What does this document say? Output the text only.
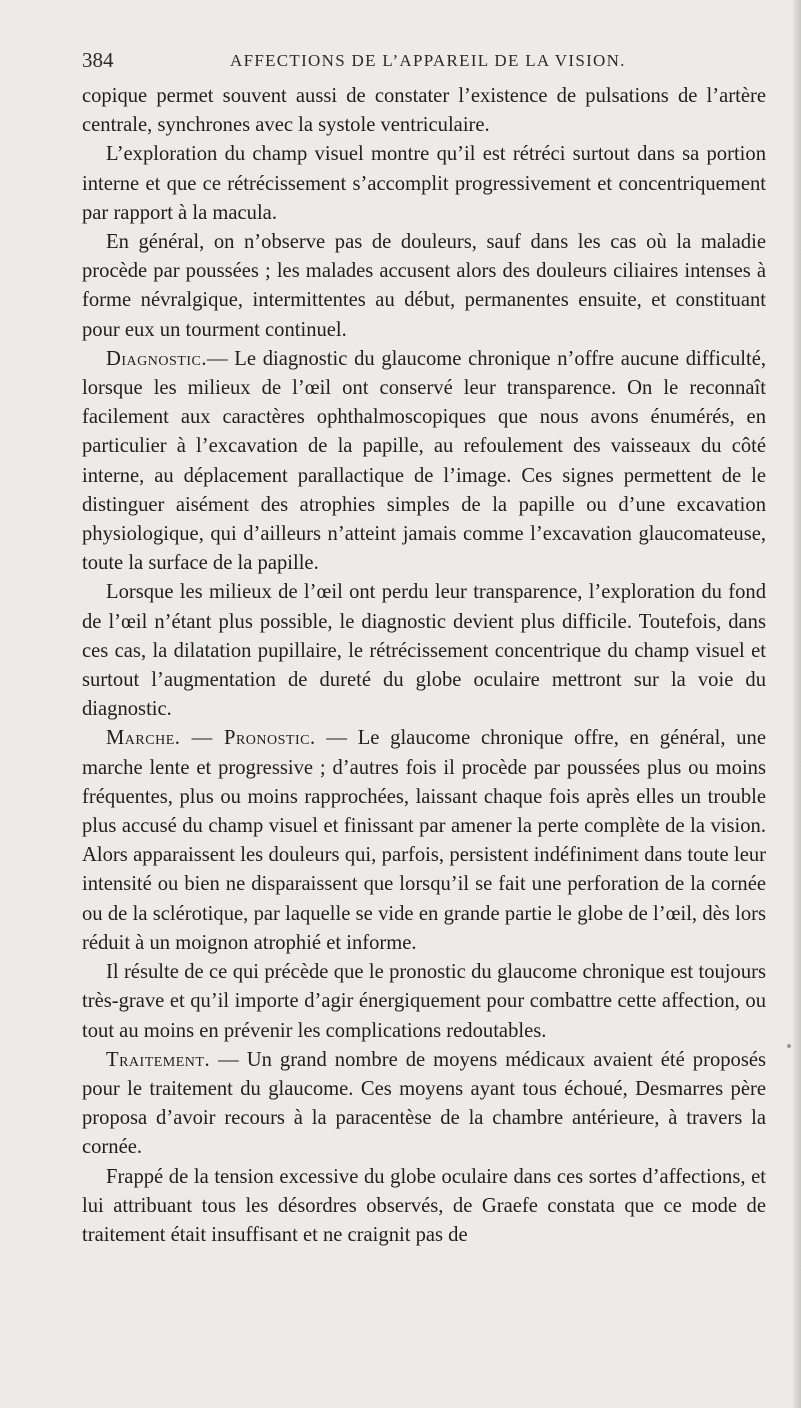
384	AFFECTIONS DE L’APPAREIL DE LA VISION.

copique permet souvent aussi de constater l’existence de pulsations de l’artère centrale, synchrones avec la systole ventriculaire.

L’exploration du champ visuel montre qu’il est rétréci surtout dans sa portion interne et que ce rétrécissement s’accomplit progressivement et concentriquement par rapport à la macula.

En général, on n’observe pas de douleurs, sauf dans les cas où la maladie procède par poussées ; les malades accusent alors des douleurs ciliaires intenses à forme névralgique, intermittentes au début, permanentes ensuite, et constituant pour eux un tourment continuel.

Diagnostic.— Le diagnostic du glaucome chronique n’offre aucune difficulté, lorsque les milieux de l’œil ont conservé leur transparence. On le reconnaît facilement aux caractères ophthalmoscopiques que nous avons énumérés, en particulier à l’excavation de la papille, au refoulement des vaisseaux du côté interne, au déplacement parallactique de l’image. Ces signes permettent de le distinguer aisément des atrophies simples de la papille ou d’une excavation physiologique, qui d’ailleurs n’atteint jamais comme l’excavation glaucomateuse, toute la surface de la papille.

Lorsque les milieux de l’œil ont perdu leur transparence, l’exploration du fond de l’œil n’étant plus possible, le diagnostic devient plus difficile. Toutefois, dans ces cas, la dilatation pupillaire, le rétrécissement concentrique du champ visuel et surtout l’augmentation de dureté du globe oculaire mettront sur la voie du diagnostic.

Marche. — Pronostic. — Le glaucome chronique offre, en général, une marche lente et progressive ; d’autres fois il procède par poussées plus ou moins fréquentes, plus ou moins rapprochées, laissant chaque fois après elles un trouble plus accusé du champ visuel et finissant par amener la perte complète de la vision. Alors apparaissent les douleurs qui, parfois, persistent indéfiniment dans toute leur intensité ou bien ne disparaissent que lorsqu’il se fait une perforation de la cornée ou de la sclérotique, par laquelle se vide en grande partie le globe de l’œil, dès lors réduit à un moignon atrophié et informe.

Il résulte de ce qui précède que le pronostic du glaucome chronique est toujours très-grave et qu’il importe d’agir énergiquement pour combattre cette affection, ou tout au moins en prévenir les complications redoutables.

Traitement. — Un grand nombre de moyens médicaux avaient été proposés pour le traitement du glaucome. Ces moyens ayant tous échoué, Desmarres père proposa d’avoir recours à la paracentèse de la chambre antérieure, à travers la cornée.

Frappé de la tension excessive du globe oculaire dans ces sortes d’affections, et lui attribuant tous les désordres observés, de Graefe constata que ce mode de traitement était insuffisant et ne craignit pas de
